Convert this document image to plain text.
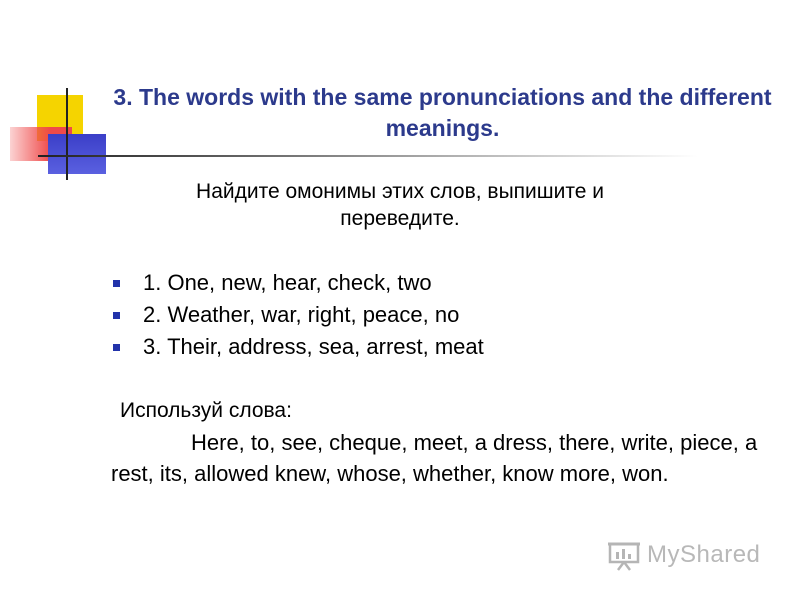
3. The words with the same pronunciations and the different meanings.
Найдите омонимы этих слов, выпишите и переведите.
1. One, new, hear, check, two
2. Weather, war, right, peace, no
3. Their, address, sea, arrest, meat
Используй слова:
Here, to, see, cheque, meet, a dress, there, write, piece, a rest, its, allowed knew, whose, whether, know more, won.
MyShared
